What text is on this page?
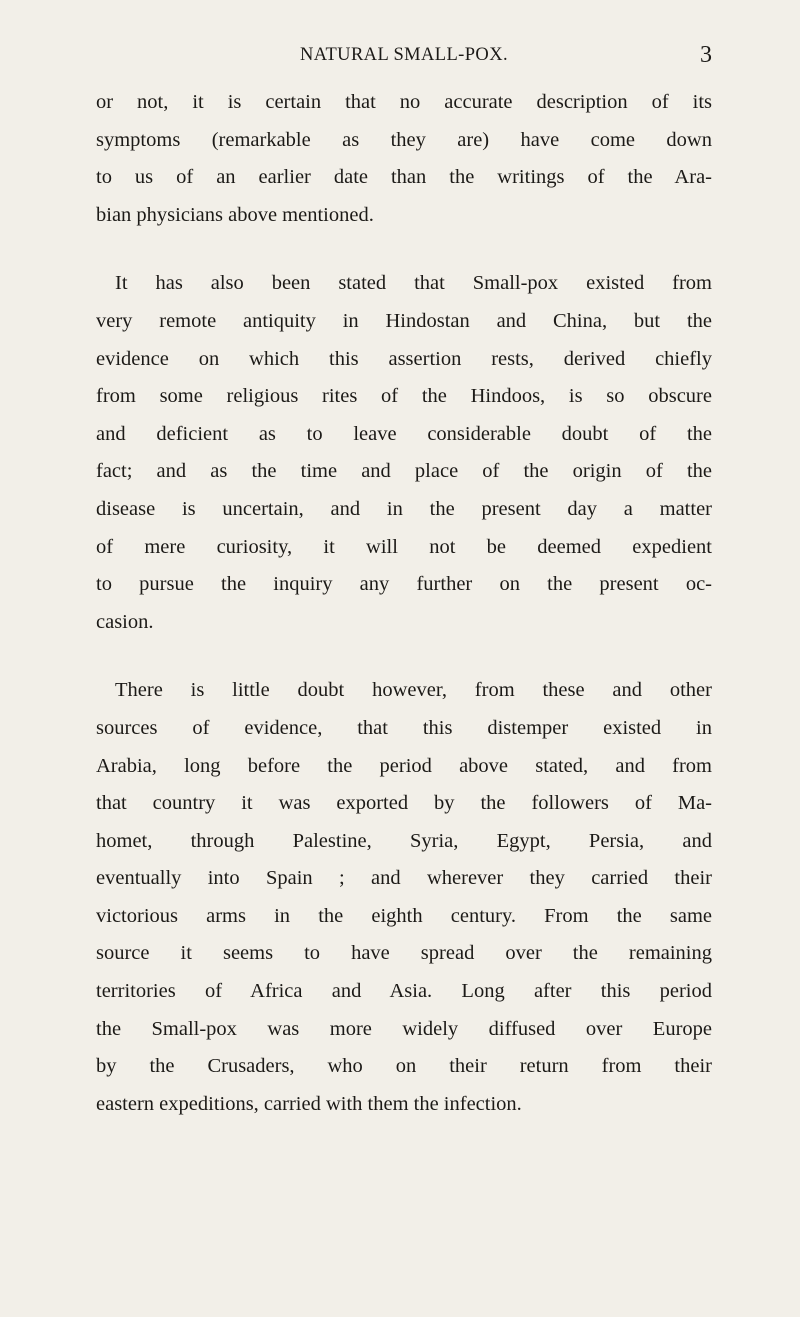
NATURAL SMALL-POX.	3

or not, it is certain that no accurate description of its
symptoms (remarkable as they are) have come down
to us of an earlier date than the writings of the Ara-
bian physicians above mentioned.

It has also been stated that Small-pox existed from
very remote antiquity in Hindostan and China, but the
evidence on which this assertion rests, derived chiefly
from some religious rites of the Hindoos, is so obscure
and deficient as to leave considerable doubt of the
fact; and as the time and place of the origin of the
disease is uncertain, and in the present day a matter
of mere curiosity, it will not be deemed expedient
to pursue the inquiry any further on the present oc-
casion.

There is little doubt however, from these and other
sources of evidence, that this distemper existed in
Arabia, long before the period above stated, and from
that country it was exported by the followers of Ma-
homet, through Palestine, Syria, Egypt, Persia, and
eventually into Spain ; and wherever they carried their
victorious arms in the eighth century. From the same
source it seems to have spread over the remaining
territories of Africa and Asia. Long after this period
the Small-pox was more widely diffused over Europe
by the Crusaders, who on their return from their
eastern expeditions, carried with them the infection.
